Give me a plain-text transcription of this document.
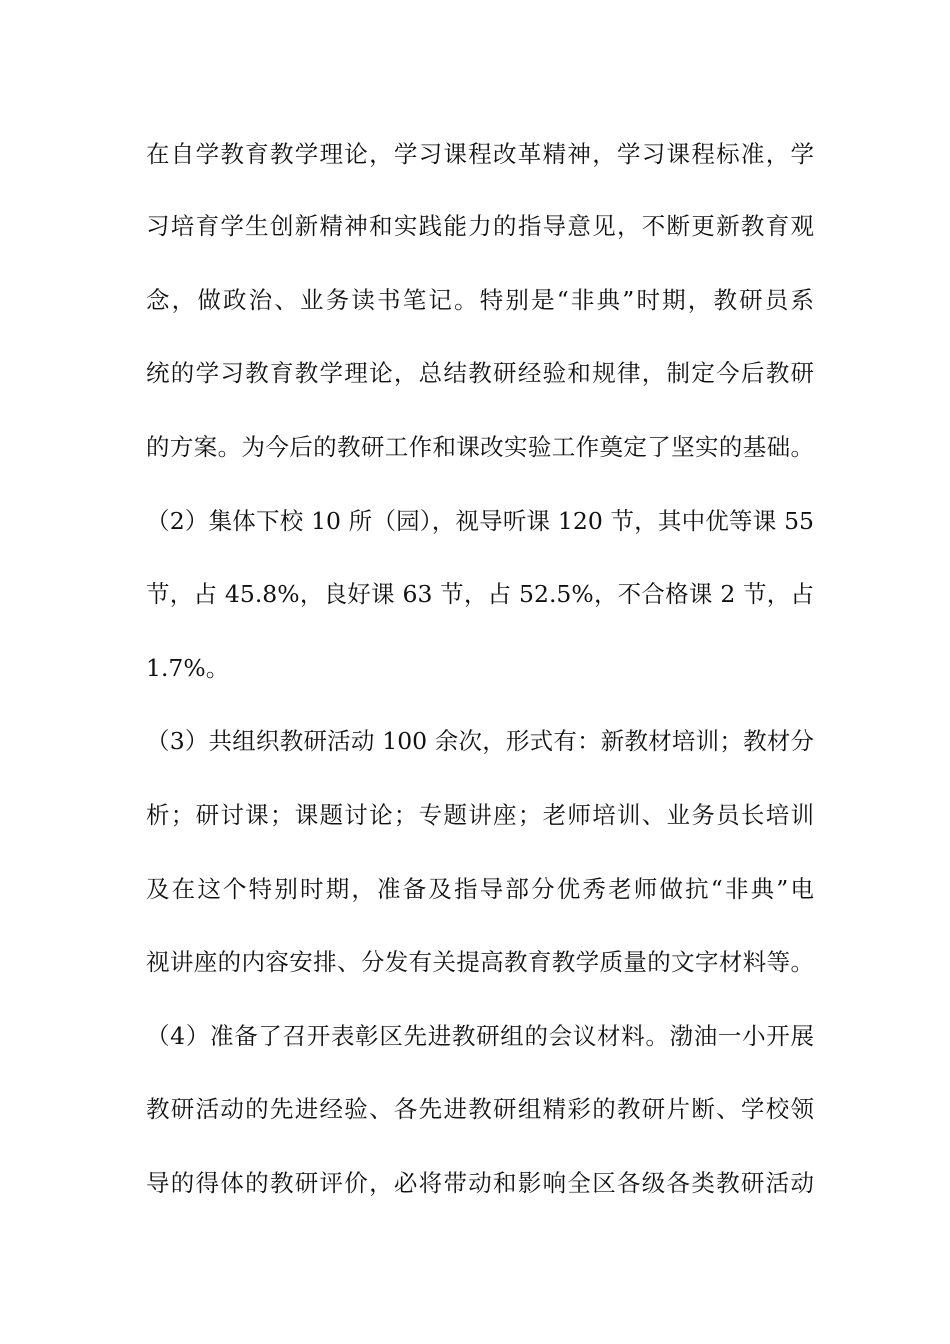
在自学教育教学理论，学习课程改革精神，学习课程标准，学
习培育学生创新精神和实践能力的指导意见，不断更新教育观
念，做政治、业务读书笔记。特别是“非典”时期，教研员系
统的学习教育教学理论，总结教研经验和规律，制定今后教研
的方案。为今后的教研工作和课改实验工作奠定了坚实的基础。
（2）集体下校 10 所（园），视导听课 120 节，其中优等课 55
节，占 45.8%，良好课 63 节，占 52.5%，不合格课 2 节，占
1.7%。
（3）共组织教研活动 100 余次，形式有：新教材培训；教材分
析；研讨课；课题讨论；专题讲座；老师培训、业务员长培训
及在这个特别时期，准备及指导部分优秀老师做抗“非典”电
视讲座的内容安排、分发有关提高教育教学质量的文字材料等。
（4）准备了召开表彰区先进教研组的会议材料。渤油一小开展
教研活动的先进经验、各先进教研组精彩的教研片断、学校领
导的得体的教研评价，必将带动和影响全区各级各类教研活动
